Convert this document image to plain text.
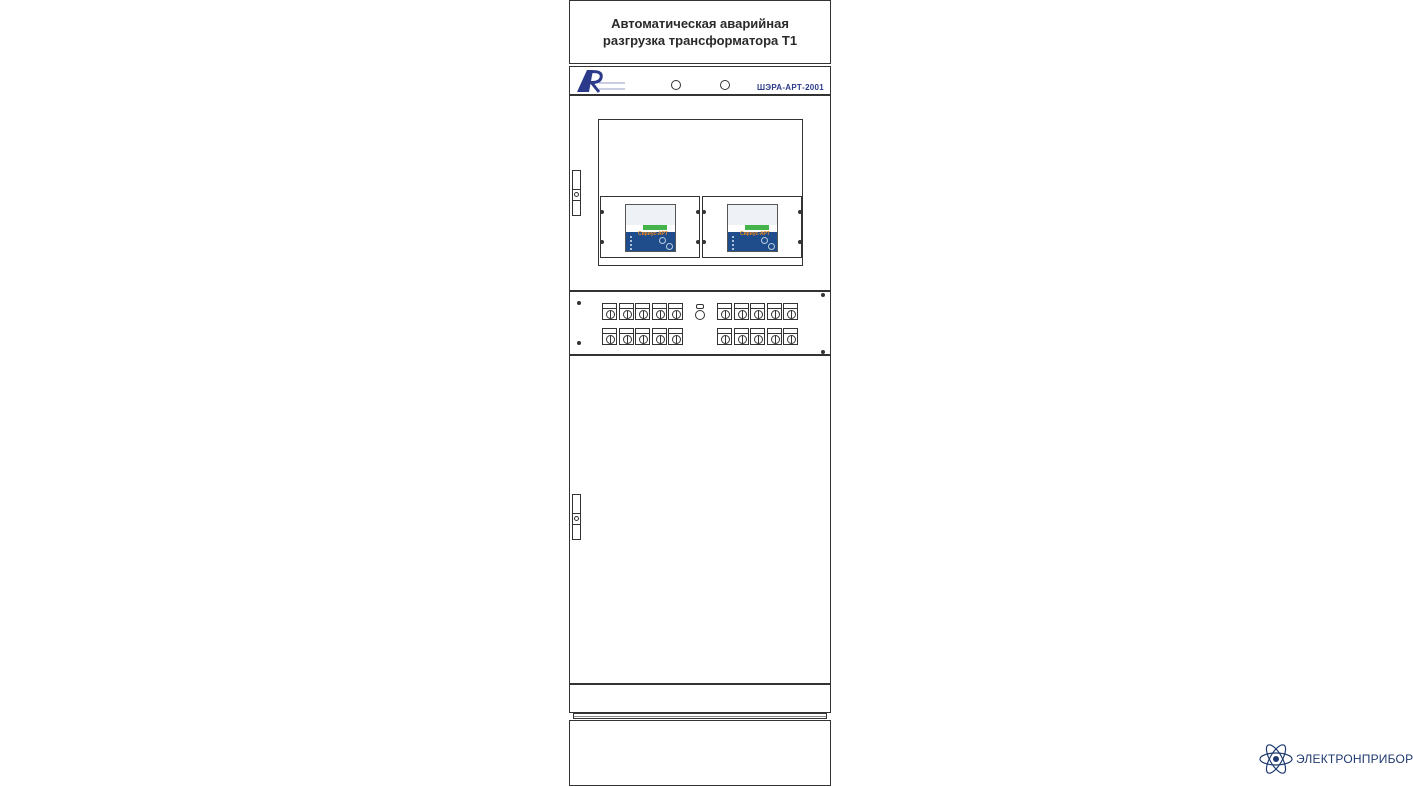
Автоматическая аварийная
разгрузка трансформатора Т1
ШЭРА-АРТ-2001
Сириус-АРТ	Сириус-АРТ
ЭЛЕКТРОНПРИБОР
